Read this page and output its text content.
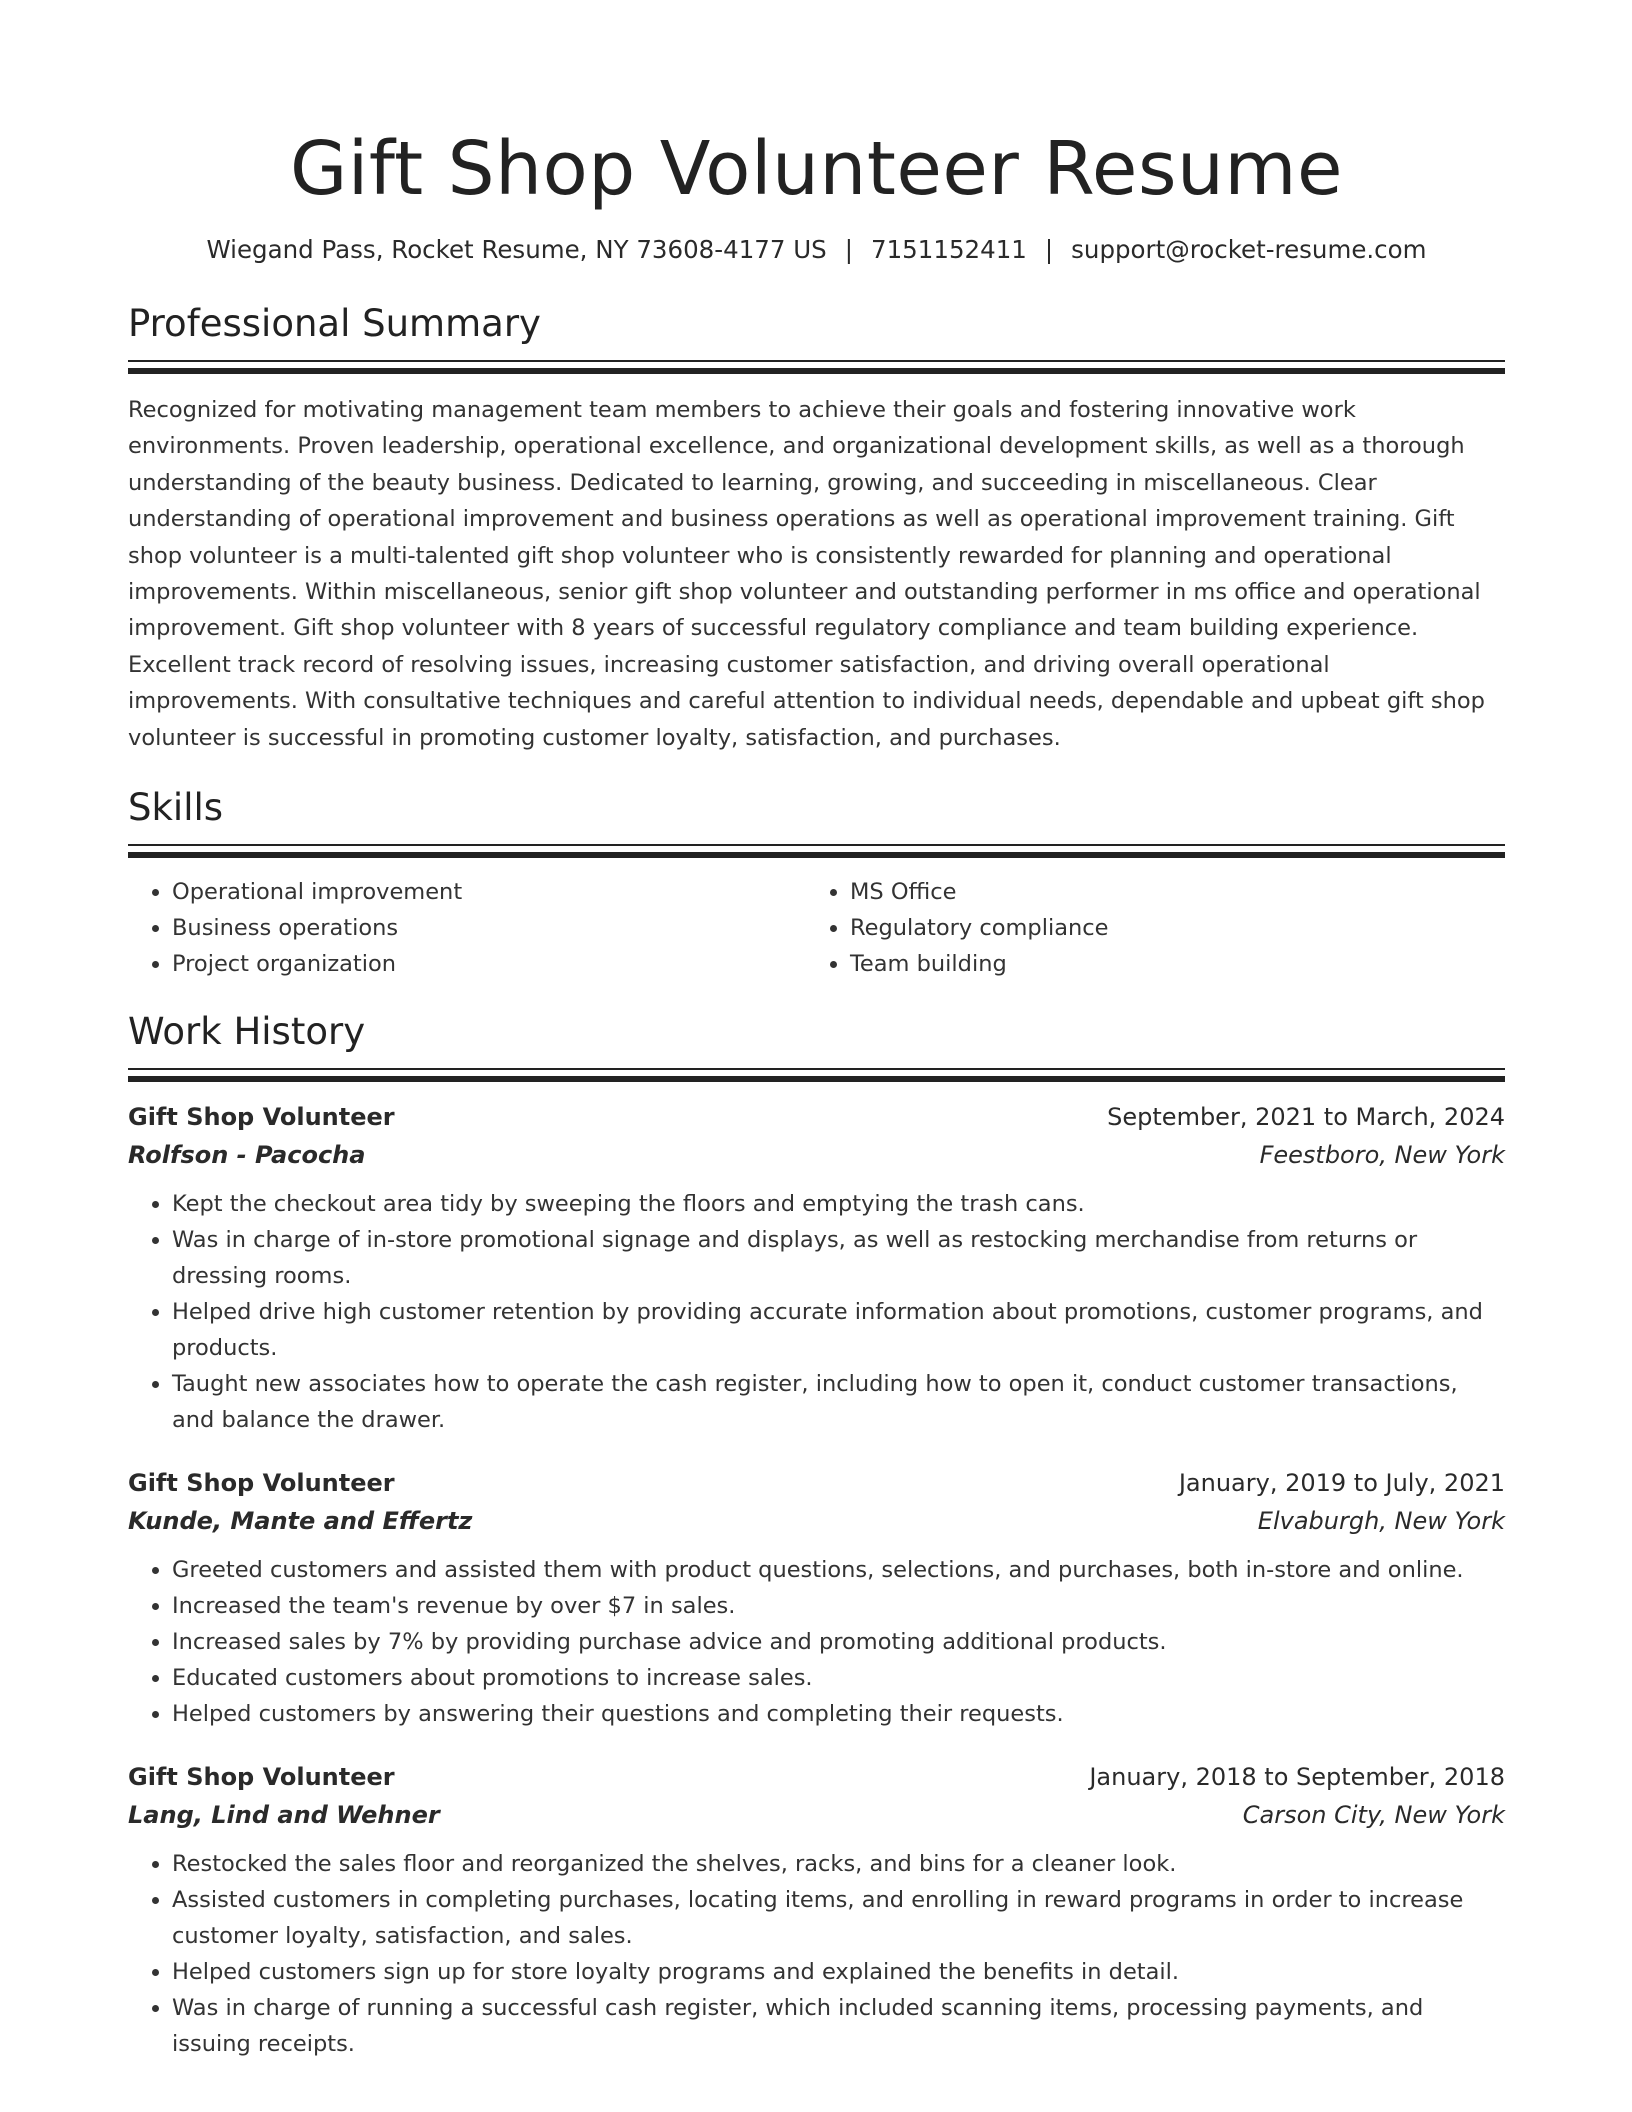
Gift Shop Volunteer Resume
Wiegand Pass, Rocket Resume, NY 73608-4177 US | 7151152411 | support@rocket-resume.com
Professional Summary

Recognized for motivating management team members to achieve their goals and fostering innovative work environments. Proven leadership, operational excellence, and organizational development skills, as well as a thorough understanding of the beauty business. Dedicated to learning, growing, and succeeding in miscellaneous. Clear understanding of operational improvement and business operations as well as operational improvement training. Gift shop volunteer is a multi-talented gift shop volunteer who is consistently rewarded for planning and operational improvements. Within miscellaneous, senior gift shop volunteer and outstanding performer in ms office and operational improvement. Gift shop volunteer with 8 years of successful regulatory compliance and team building experience. Excellent track record of resolving issues, increasing customer satisfaction, and driving overall operational improvements. With consultative techniques and careful attention to individual needs, dependable and upbeat gift shop volunteer is successful in promoting customer loyalty, satisfaction, and purchases.

Skills
• Operational improvement
• Business operations
• Project organization
• MS Office
• Regulatory compliance
• Team building
Work History
Gift Shop Volunteer	September, 2021 to March, 2024
Rolfson - Pacocha	Feestboro, New York
• Kept the checkout area tidy by sweeping the floors and emptying the trash cans.
• Was in charge of in-store promotional signage and displays, as well as restocking merchandise from returns or dressing rooms.
• Helped drive high customer retention by providing accurate information about promotions, customer programs, and products.
• Taught new associates how to operate the cash register, including how to open it, conduct customer transactions, and balance the drawer.
Gift Shop Volunteer	January, 2019 to July, 2021
Kunde, Mante and Effertz	Elvaburgh, New York
• Greeted customers and assisted them with product questions, selections, and purchases, both in-store and online.
• Increased the team's revenue by over $7 in sales.
• Increased sales by 7% by providing purchase advice and promoting additional products.
• Educated customers about promotions to increase sales.
• Helped customers by answering their questions and completing their requests.
Gift Shop Volunteer	January, 2018 to September, 2018
Lang, Lind and Wehner	Carson City, New York
• Restocked the sales floor and reorganized the shelves, racks, and bins for a cleaner look.
• Assisted customers in completing purchases, locating items, and enrolling in reward programs in order to increase customer loyalty, satisfaction, and sales.
• Helped customers sign up for store loyalty programs and explained the benefits in detail.
• Was in charge of running a successful cash register, which included scanning items, processing payments, and issuing receipts.
